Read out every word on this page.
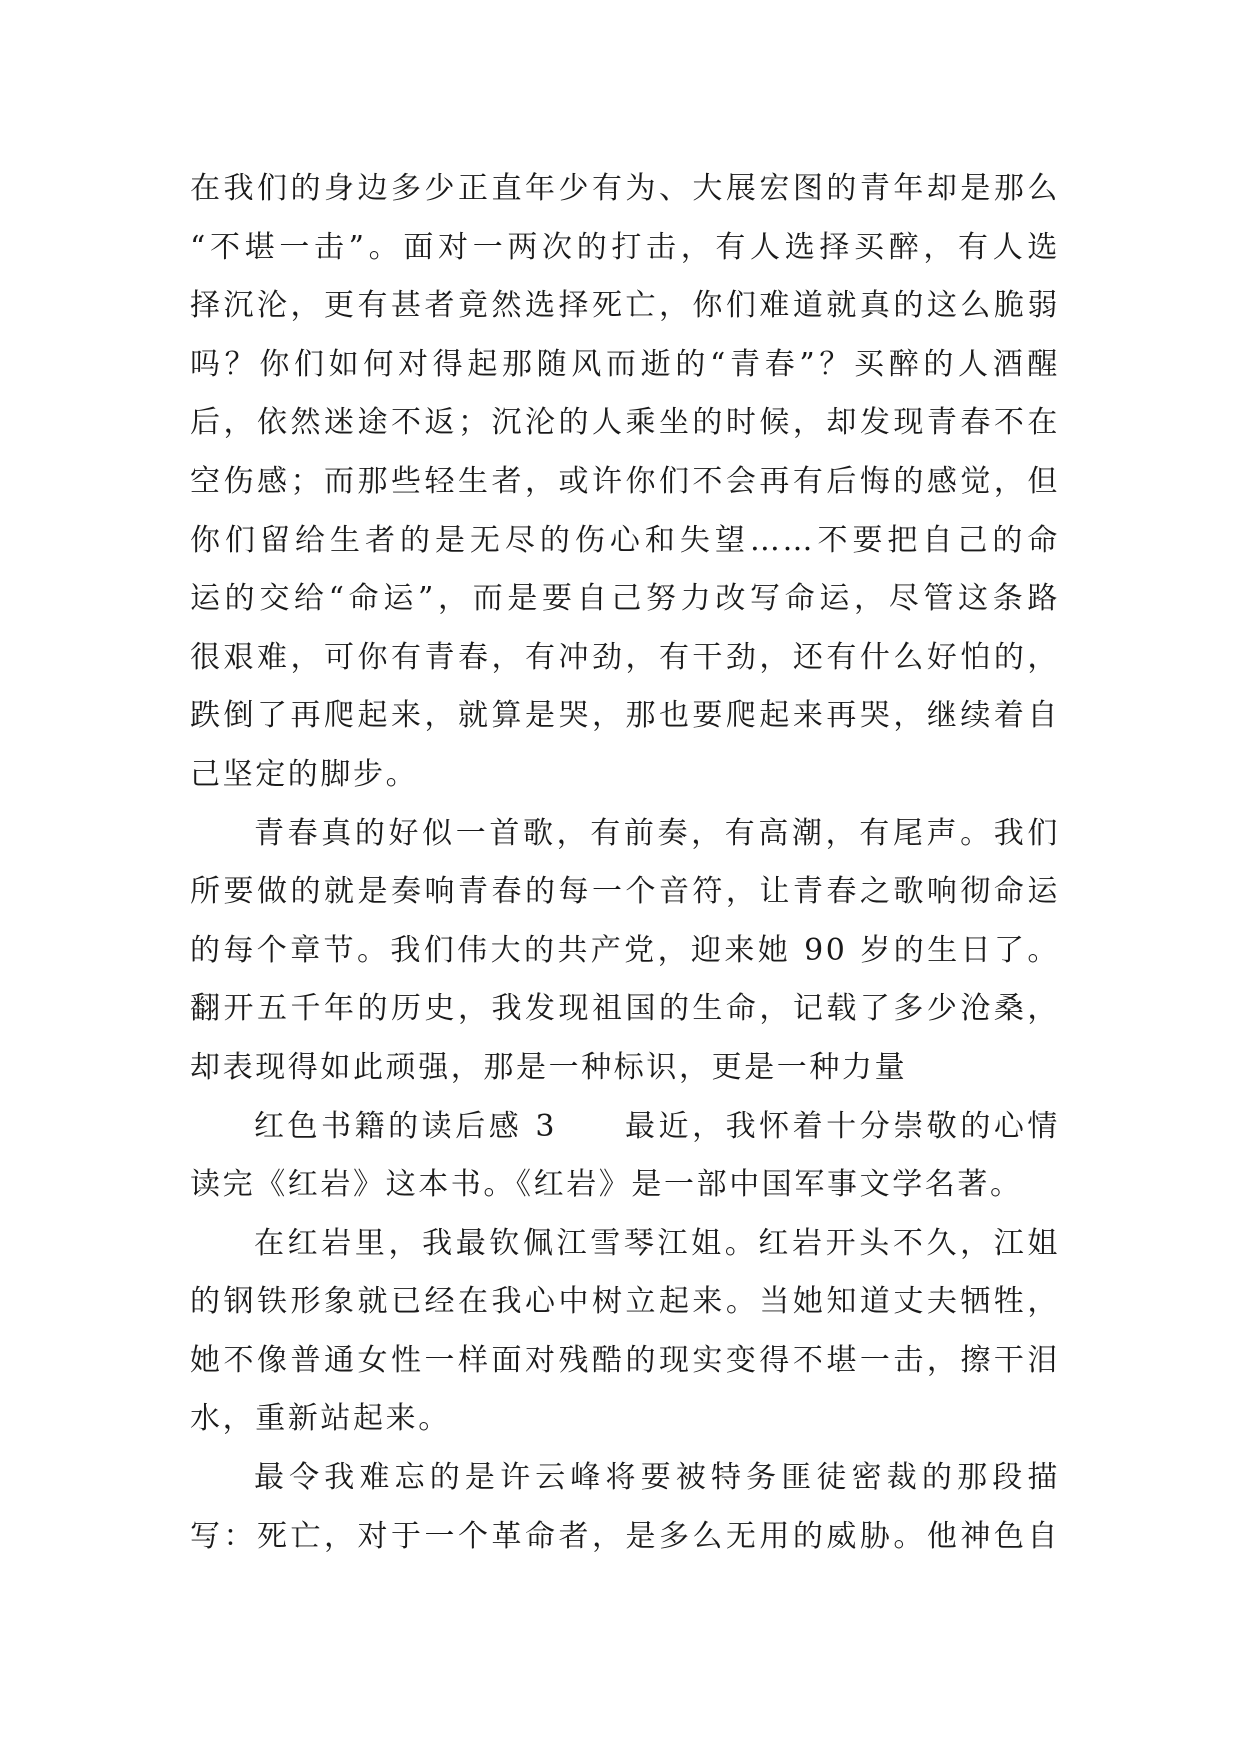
在我们的身边多少正直年少有为、大展宏图的青年却是那么
“不堪一击”。面对一两次的打击，有人选择买醉，有人选
择沉沦，更有甚者竟然选择死亡，你们难道就真的这么脆弱
吗？你们如何对得起那随风而逝的“青春”？买醉的人酒醒
后，依然迷途不返；沉沦的人乘坐的时候，却发现青春不在
空伤感；而那些轻生者，或许你们不会再有后悔的感觉，但
你们留给生者的是无尽的伤心和失望……不要把自己的命
运的交给“命运”，而是要自己努力改写命运，尽管这条路
很艰难，可你有青春，有冲劲，有干劲，还有什么好怕的，
跌倒了再爬起来，就算是哭，那也要爬起来再哭，继续着自
己坚定的脚步。
青春真的好似一首歌，有前奏，有高潮，有尾声。我们
所要做的就是奏响青春的每一个音符，让青春之歌响彻命运
的每个章节。我们伟大的共产党，迎来她 90 岁的生日了。
翻开五千年的历史，我发现祖国的生命，记载了多少沧桑，
却表现得如此顽强，那是一种标识，更是一种力量
红色书籍的读后感 3　　最近，我怀着十分崇敬的心情
读完《红岩》这本书。《红岩》是一部中国军事文学名著。
在红岩里，我最钦佩江雪琴江姐。红岩开头不久，江姐
的钢铁形象就已经在我心中树立起来。当她知道丈夫牺牲，
她不像普通女性一样面对残酷的现实变得不堪一击，擦干泪
水，重新站起来。
最令我难忘的是许云峰将要被特务匪徒密裁的那段描
写：死亡，对于一个革命者，是多么无用的威胁。他神色自
